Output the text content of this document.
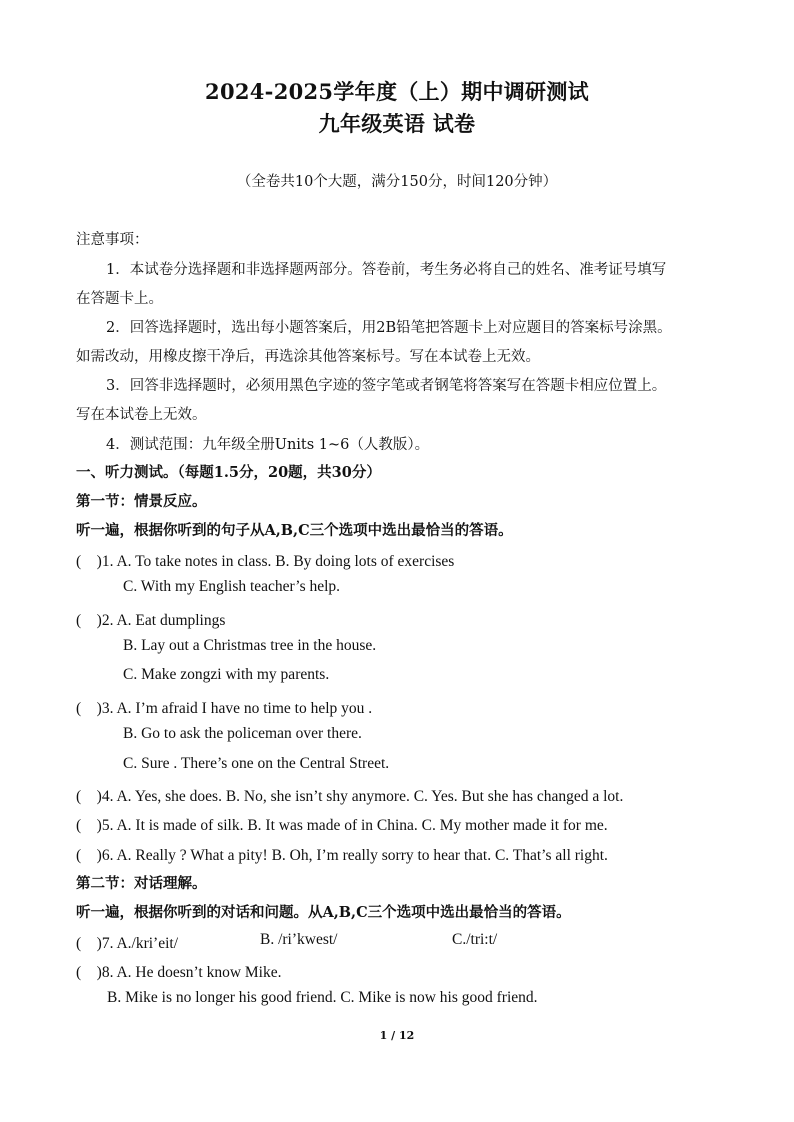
2024-2025学年度（上）期中调研测试
九年级英语 试卷
（全卷共10个大题，满分150分，时间120分钟）
注意事项：
1．本试卷分选择题和非选择题两部分。答卷前，考生务必将自己的姓名、准考证号填写
在答题卡上。
2．回答选择题时，选出每小题答案后，用2B铅笔把答题卡上对应题目的答案标号涂黑。
如需改动，用橡皮擦干净后，再选涂其他答案标号。写在本试卷上无效。
3．回答非选择题时，必须用黑色字迹的签字笔或者钢笔将答案写在答题卡相应位置上。
写在本试卷上无效。
4．测试范围：九年级全册Units 1~6（人教版）。
一、听力测试。（每题1.5分，20题，共30分）
第一节：情景反应。
听一遍，根据你听到的句子从A,B,C三个选项中选出最恰当的答语。
(　)1. A. To take notes in class. B. By doing lots of exercises
C. With my English teacher’s help.
(　)2. A. Eat dumplings
B. Lay out a Christmas tree in the house.
C. Make zongzi with my parents.
(　)3. A. I’m afraid I have no time to help you .
B. Go to ask the policeman over there.
C. Sure . There’s one on the Central Street.
(　)4. A. Yes, she does. B. No, she isn’t shy anymore. C. Yes. But she has changed a lot.
(　)5. A. It is made of silk. B. It was made of in China. C. My mother made it for me.
(　)6. A. Really ? What a pity! B. Oh, I’m really sorry to hear that. C. That’s all right.
第二节：对话理解。
听一遍，根据你听到的对话和问题。从A,B,C三个选项中选出最恰当的答语。
(　)7. A./kri’eit/	B. /ri’kwest/	C./tri:t/
(　)8. A. He doesn’t know Mike.
B. Mike is no longer his good friend. C. Mike is now his good friend.
1 / 12
